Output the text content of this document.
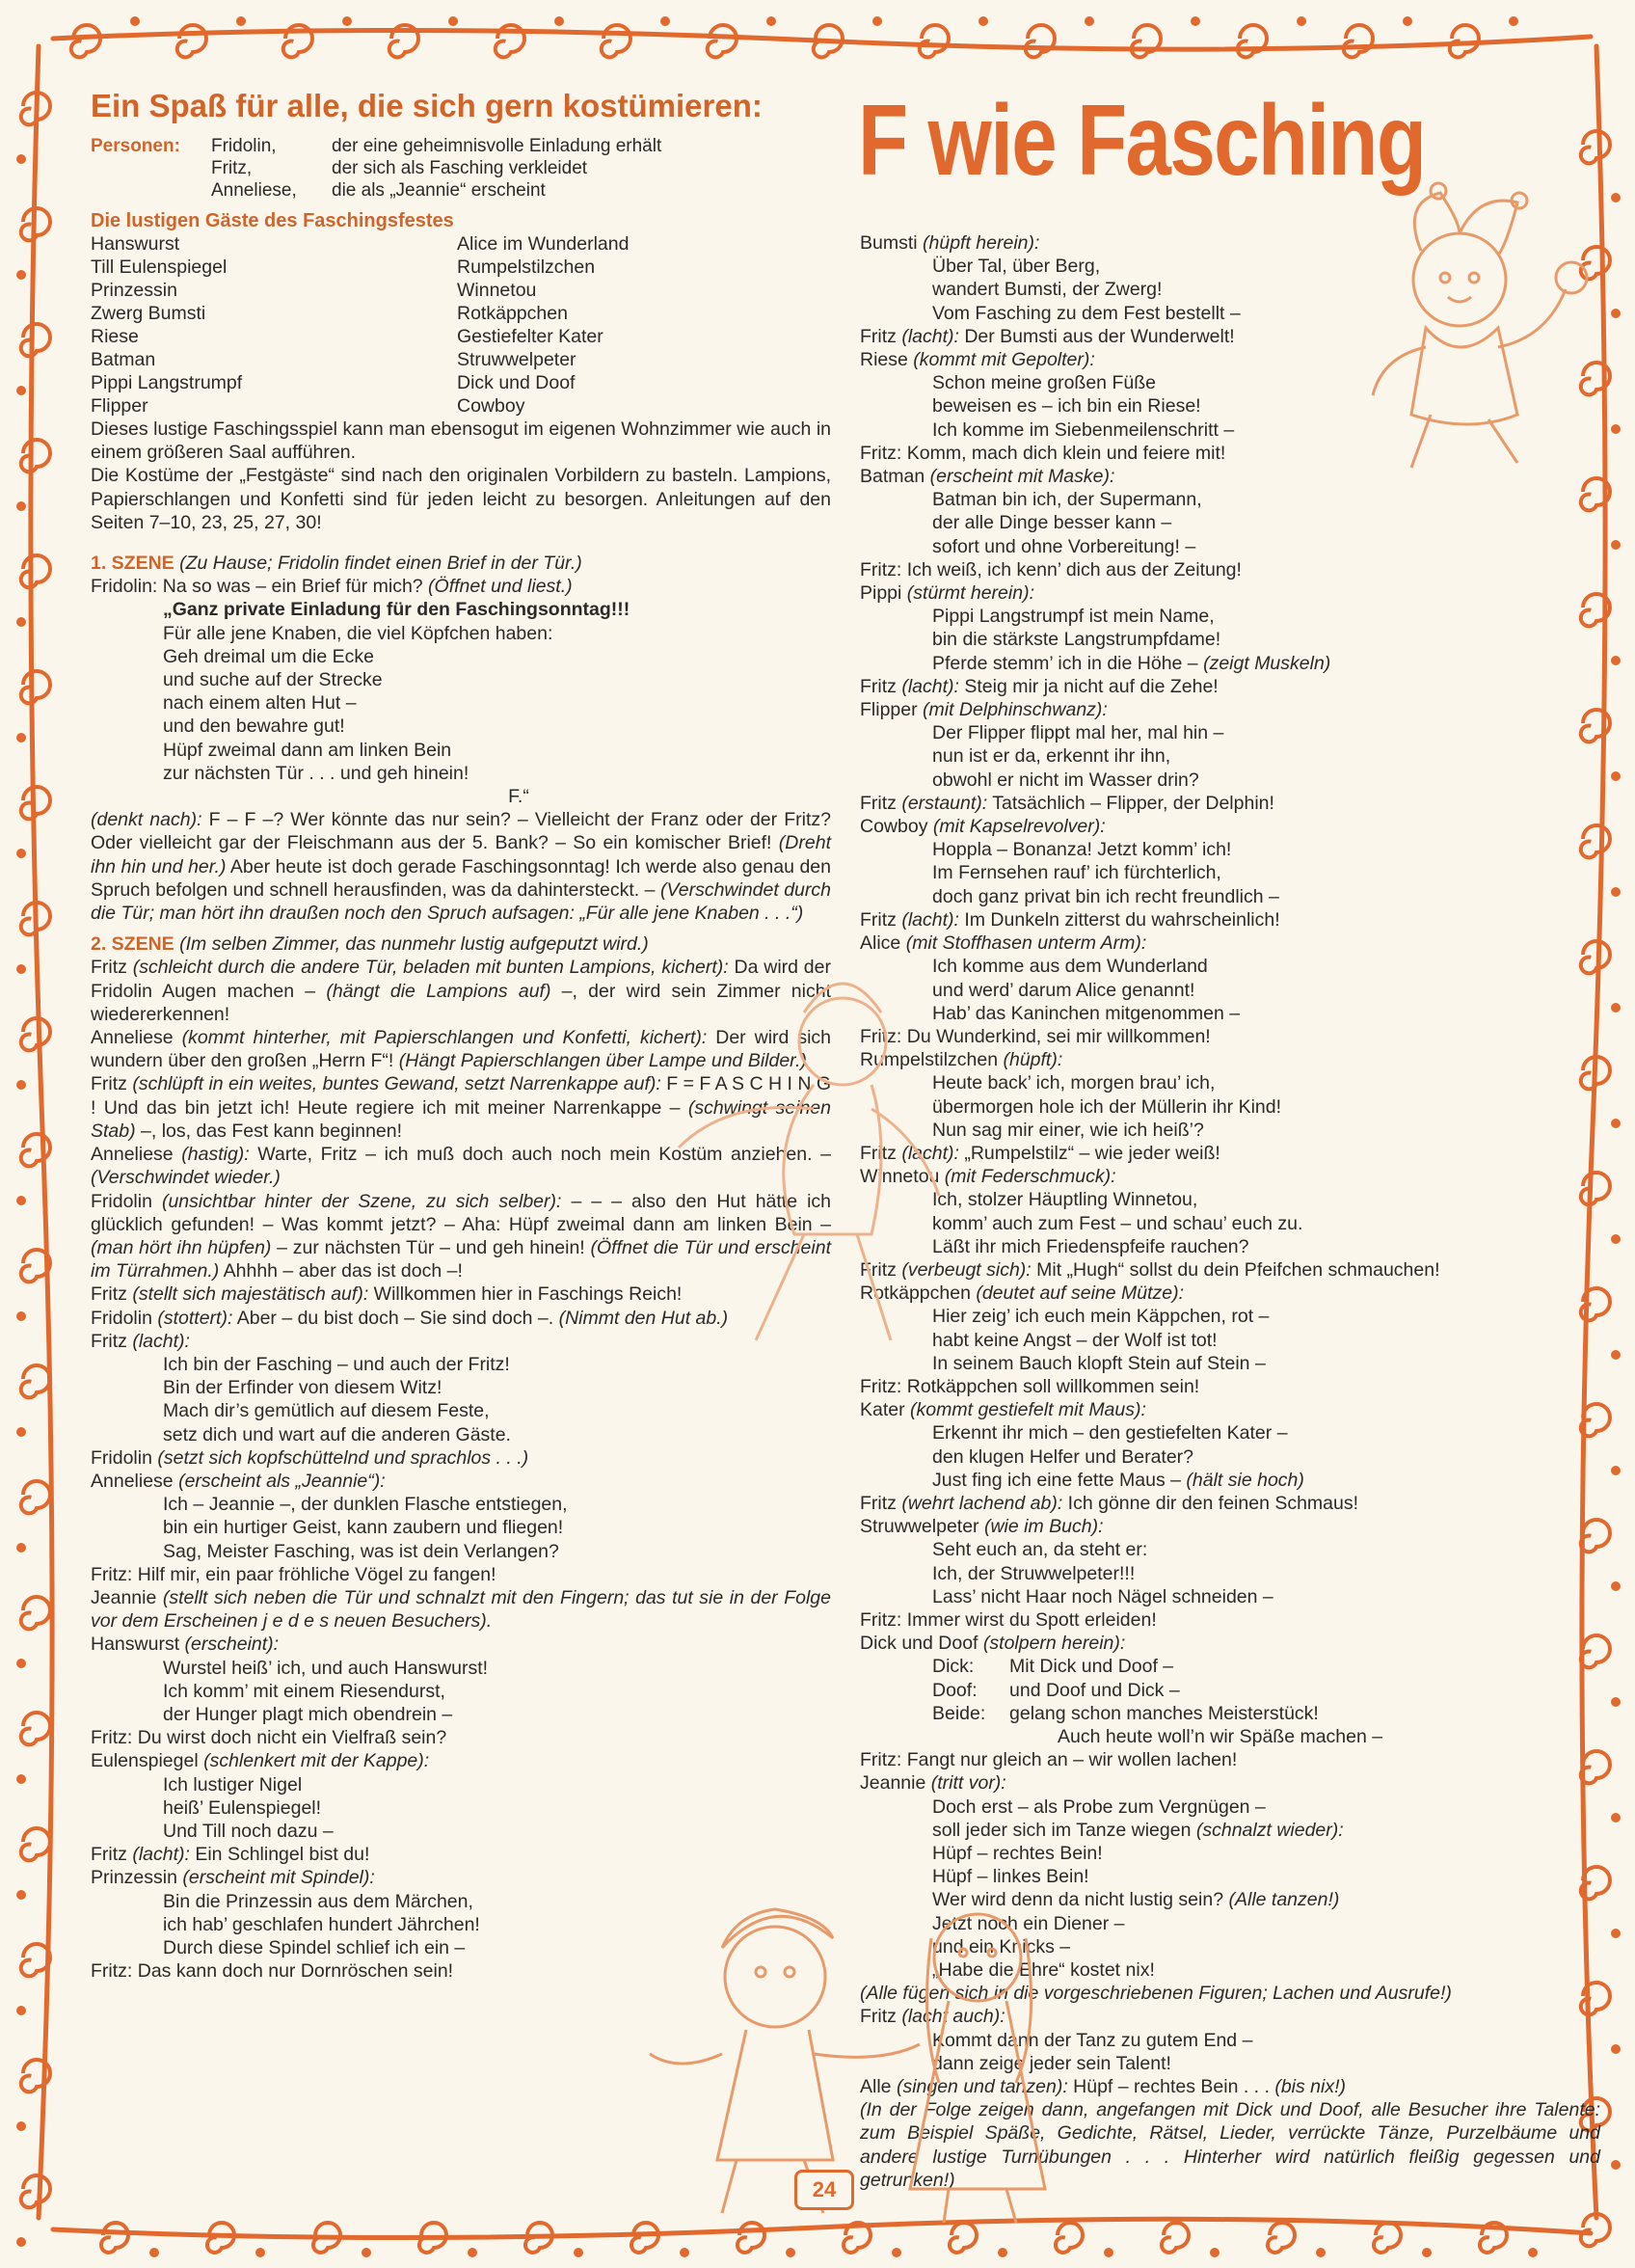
F wie Fasching
Ein Spaß für alle, die sich gern kostümieren:
Personen:	Fridolin,	der eine geheimnisvolle Einladung erhält
Fritz,	der sich als Fasching verkleidet
Anneliese,	die als „Jeannie“ erscheint
Die lustigen Gäste des Faschingsfestes
Hanswurst	Alice im Wunderland
Till Eulenspiegel	Rumpelstilzchen
Prinzessin	Winnetou
Zwerg Bumsti	Rotkäppchen
Riese	Gestiefelter Kater
Batman	Struwwelpeter
Pippi Langstrumpf	Dick und Doof
Flipper	Cowboy

Dieses lustige Faschingsspiel kann man ebensogut im eigenen Wohnzimmer wie auch in einem größeren Saal aufführen.

Die Kostüme der „Festgäste“ sind nach den originalen Vorbildern zu basteln. Lampions, Papierschlangen und Konfetti sind für jeden leicht zu besorgen. Anleitungen auf den Seiten 7–10, 23, 25, 27, 30!

1. SZENE (Zu Hause; Fridolin findet einen Brief in der Tür.)
Fridolin: Na so was – ein Brief für mich? (Öffnet und liest.)
„Ganz private Einladung für den Faschingsonntag!!!
Für alle jene Knaben, die viel Köpfchen haben:
Geh dreimal um die Ecke
und suche auf der Strecke
nach einem alten Hut –
und den bewahre gut!
Hüpf zweimal dann am linken Bein
zur nächsten Tür . . . und geh hinein!
F.“

(denkt nach): F – F –? Wer könnte das nur sein? – Vielleicht der Franz oder der Fritz? Oder vielleicht gar der Fleischmann aus der 5. Bank? – So ein komischer Brief! (Dreht ihn hin und her.) Aber heute ist doch gerade Faschingsonntag! Ich werde also genau den Spruch befolgen und schnell herausfinden, was da dahintersteckt. – (Verschwindet durch die Tür; man hört ihn draußen noch den Spruch aufsagen: „Für alle jene Knaben . . .“)

2. SZENE (Im selben Zimmer, das nunmehr lustig aufgeputzt wird.)

Fritz (schleicht durch die andere Tür, beladen mit bunten Lampions, kichert): Da wird der Fridolin Augen machen – (hängt die Lampions auf) –, der wird sein Zimmer nicht wiedererkennen!

Anneliese (kommt hinterher, mit Papierschlangen und Konfetti, kichert): Der wird sich wundern über den großen „Herrn F“! (Hängt Papierschlangen über Lampe und Bilder.)

Fritz (schlüpft in ein weites, buntes Gewand, setzt Narrenkappe auf): F = F A S C H I N G ! Und das bin jetzt ich! Heute regiere ich mit meiner Narrenkappe – (schwingt seinen Stab) –, los, das Fest kann beginnen!

Anneliese (hastig): Warte, Fritz – ich muß doch auch noch mein Kostüm anziehen. – (Verschwindet wieder.)

Fridolin (unsichtbar hinter der Szene, zu sich selber): – – – also den Hut hätte ich glücklich gefunden! – Was kommt jetzt? – Aha: Hüpf zweimal dann am linken Bein – (man hört ihn hüpfen) – zur nächsten Tür – und geh hinein! (Öffnet die Tür und erscheint im Türrahmen.) Ahhhh – aber das ist doch –!

Fritz (stellt sich majestätisch auf): Willkommen hier in Faschings Reich!

Fridolin (stottert): Aber – du bist doch – Sie sind doch –. (Nimmt den Hut ab.)

Fritz (lacht):
Ich bin der Fasching – und auch der Fritz!
Bin der Erfinder von diesem Witz!
Mach dir’s gemütlich auf diesem Feste,
setz dich und wart auf die anderen Gäste.
Fridolin (setzt sich kopfschüttelnd und sprachlos . . .)
Anneliese (erscheint als „Jeannie“):
Ich – Jeannie –, der dunklen Flasche entstiegen,
bin ein hurtiger Geist, kann zaubern und fliegen!
Sag, Meister Fasching, was ist dein Verlangen?
Fritz: Hilf mir, ein paar fröhliche Vögel zu fangen!

Jeannie (stellt sich neben die Tür und schnalzt mit den Fingern; das tut sie in der Folge vor dem Erscheinen j e d e s neuen Besuchers).

Hanswurst (erscheint):
Wurstel heiß’ ich, und auch Hanswurst!
Ich komm’ mit einem Riesendurst,
der Hunger plagt mich obendrein –
Fritz: Du wirst doch nicht ein Vielfraß sein?
Eulenspiegel (schlenkert mit der Kappe):
Ich lustiger Nigel
heiß’ Eulenspiegel!
Und Till noch dazu –
Fritz (lacht): Ein Schlingel bist du!
Prinzessin (erscheint mit Spindel):
Bin die Prinzessin aus dem Märchen,
ich hab’ geschlafen hundert Jährchen!
Durch diese Spindel schlief ich ein –
Fritz: Das kann doch nur Dornröschen sein!
Bumsti (hüpft herein):
Über Tal, über Berg,
wandert Bumsti, der Zwerg!
Vom Fasching zu dem Fest bestellt –
Fritz (lacht): Der Bumsti aus der Wunderwelt!
Riese (kommt mit Gepolter):
Schon meine großen Füße
beweisen es – ich bin ein Riese!
Ich komme im Siebenmeilenschritt –
Fritz: Komm, mach dich klein und feiere mit!
Batman (erscheint mit Maske):
Batman bin ich, der Supermann,
der alle Dinge besser kann –
sofort und ohne Vorbereitung! –
Fritz: Ich weiß, ich kenn’ dich aus der Zeitung!
Pippi (stürmt herein):
Pippi Langstrumpf ist mein Name,
bin die stärkste Langstrumpfdame!
Pferde stemm’ ich in die Höhe – (zeigt Muskeln)
Fritz (lacht): Steig mir ja nicht auf die Zehe!
Flipper (mit Delphinschwanz):
Der Flipper flippt mal her, mal hin –
nun ist er da, erkennt ihr ihn,
obwohl er nicht im Wasser drin?
Fritz (erstaunt): Tatsächlich – Flipper, der Delphin!
Cowboy (mit Kapselrevolver):
Hoppla – Bonanza! Jetzt komm’ ich!
Im Fernsehen rauf’ ich fürchterlich,
doch ganz privat bin ich recht freundlich –
Fritz (lacht): Im Dunkeln zitterst du wahrscheinlich!
Alice (mit Stoffhasen unterm Arm):
Ich komme aus dem Wunderland
und werd’ darum Alice genannt!
Hab’ das Kaninchen mitgenommen –
Fritz: Du Wunderkind, sei mir willkommen!
Rumpelstilzchen (hüpft):
Heute back’ ich, morgen brau’ ich,
übermorgen hole ich der Müllerin ihr Kind!
Nun sag mir einer, wie ich heiß’?
Fritz (lacht): „Rumpelstilz“ – wie jeder weiß!
Winnetou (mit Federschmuck):
Ich, stolzer Häuptling Winnetou,
komm’ auch zum Fest – und schau’ euch zu.
Läßt ihr mich Friedenspfeife rauchen?
Fritz (verbeugt sich): Mit „Hugh“ sollst du dein Pfeifchen schmauchen!
Rotkäppchen (deutet auf seine Mütze):
Hier zeig’ ich euch mein Käppchen, rot –
habt keine Angst – der Wolf ist tot!
In seinem Bauch klopft Stein auf Stein –
Fritz: Rotkäppchen soll willkommen sein!
Kater (kommt gestiefelt mit Maus):
Erkennt ihr mich – den gestiefelten Kater –
den klugen Helfer und Berater?
Just fing ich eine fette Maus – (hält sie hoch)
Fritz (wehrt lachend ab): Ich gönne dir den feinen Schmaus!
Struwwelpeter (wie im Buch):
Seht euch an, da steht er:
Ich, der Struwwelpeter!!!
Lass’ nicht Haar noch Nägel schneiden –
Fritz: Immer wirst du Spott erleiden!
Dick und Doof (stolpern herein):
Dick: Mit Dick und Doof –
Doof: und Doof und Dick –
Beide: gelang schon manches Meisterstück!
Auch heute woll’n wir Späße machen –
Fritz: Fangt nur gleich an – wir wollen lachen!
Jeannie (tritt vor):
Doch erst – als Probe zum Vergnügen –
soll jeder sich im Tanze wiegen (schnalzt wieder):
Hüpf – rechtes Bein!
Hüpf – linkes Bein!
Wer wird denn da nicht lustig sein? (Alle tanzen!)
Jetzt noch ein Diener –
und ein Knicks –
„Habe die Ehre“ kostet nix!
(Alle fügen sich in die vorgeschriebenen Figuren; Lachen und Ausrufe!)
Fritz (lacht auch):
Kommt dann der Tanz zu gutem End –
dann zeige jeder sein Talent!
Alle (singen und tanzen): Hüpf – rechtes Bein . . . (bis nix!)

(In der Folge zeigen dann, angefangen mit Dick und Doof, alle Besucher ihre Talente: zum Beispiel Späße, Gedichte, Rätsel, Lieder, verrückte Tänze, Purzelbäume und andere lustige Turnübungen . . . Hinterher wird natürlich fleißig gegessen und getrunken!)

24
